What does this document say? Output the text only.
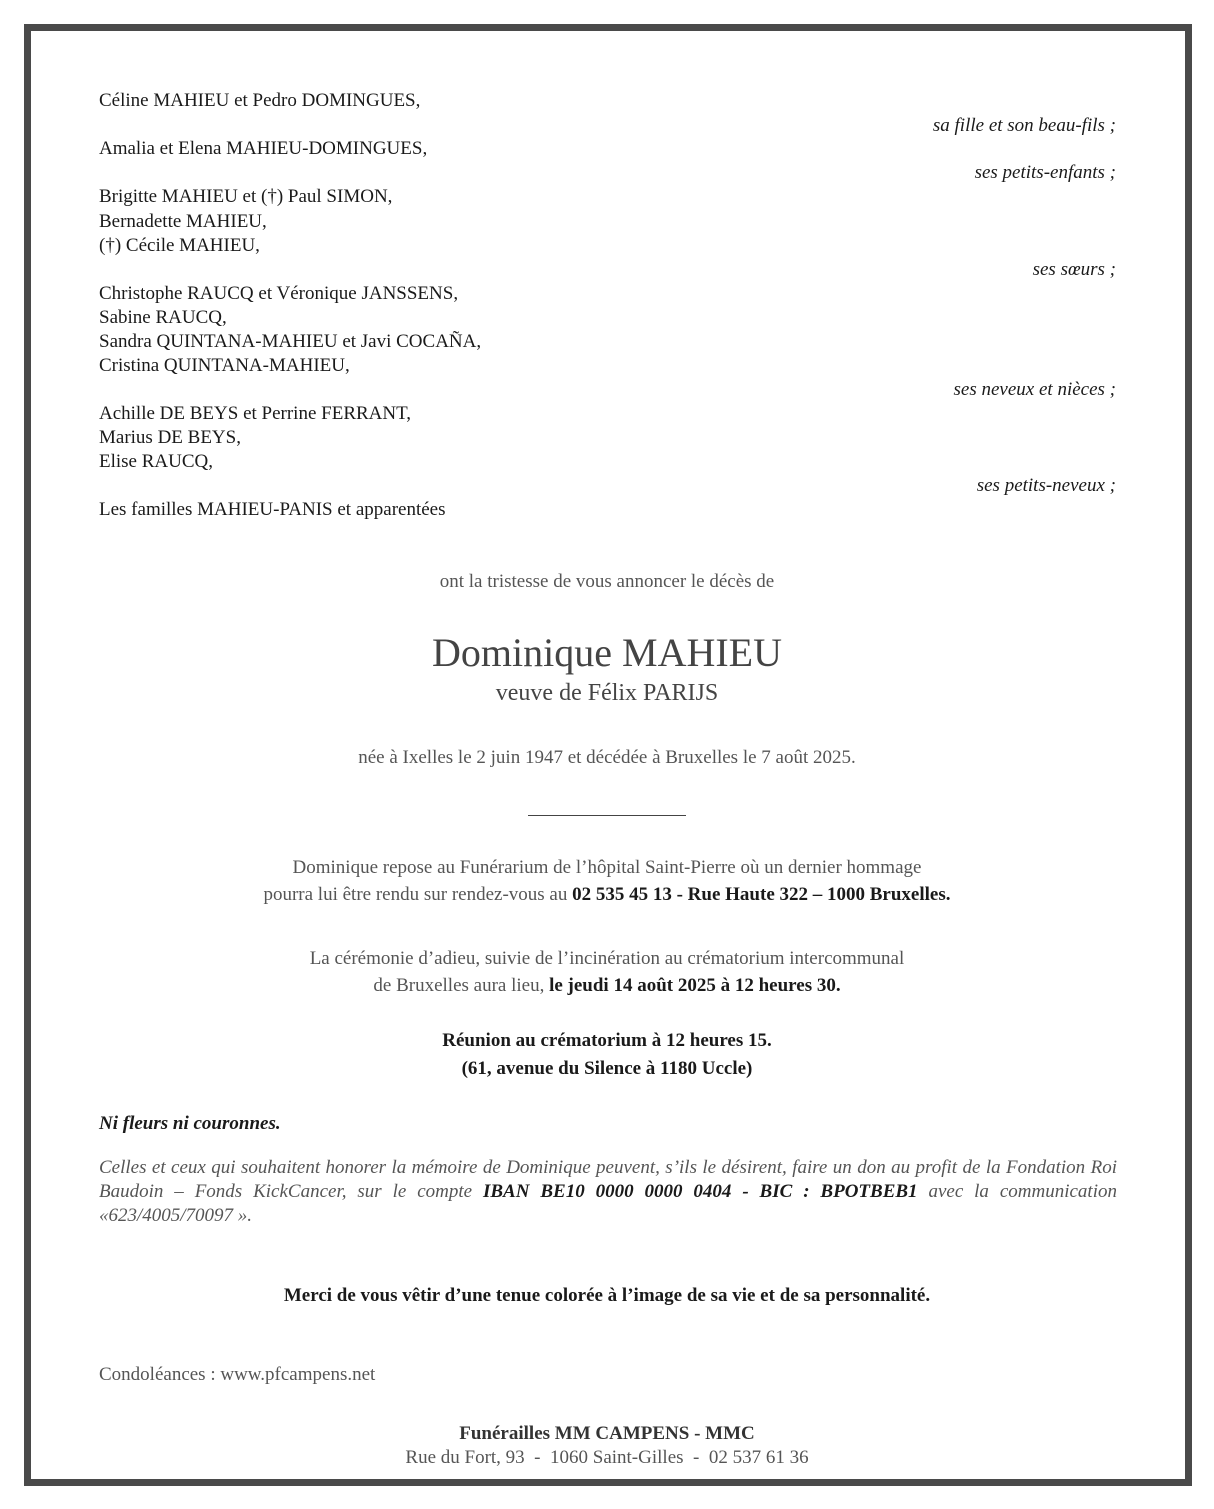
Céline MAHIEU et Pedro DOMINGUES,
sa fille et son beau-fils ;
Amalia et Elena MAHIEU-DOMINGUES,
ses petits-enfants ;
Brigitte MAHIEU et (†) Paul SIMON,
Bernadette MAHIEU,
(†) Cécile MAHIEU,
ses sœurs ;
Christophe RAUCQ et Véronique JANSSENS,
Sabine RAUCQ,
Sandra QUINTANA-MAHIEU et Javi COCAÑA,
Cristina QUINTANA-MAHIEU,
ses neveux et nièces ;
Achille DE BEYS et Perrine FERRANT,
Marius DE BEYS,
Elise RAUCQ,
ses petits-neveux ;
Les familles MAHIEU-PANIS et apparentées
ont la tristesse de vous annoncer le décès de
Dominique MAHIEU
veuve de Félix PARIJS
née à Ixelles le 2 juin 1947 et décédée à Bruxelles le 7 août 2025.
Dominique repose au Funérarium de l’hôpital Saint-Pierre où un dernier hommage
pourra lui être rendu sur rendez-vous au 02 535 45 13 - Rue Haute 322 – 1000 Bruxelles.
La cérémonie d’adieu, suivie de l’incinération au crématorium intercommunal
de Bruxelles aura lieu, le jeudi 14 août 2025 à 12 heures 30.
Réunion au crématorium à 12 heures 15.
(61, avenue du Silence à 1180 Uccle)
Ni fleurs ni couronnes.
Celles et ceux qui souhaitent honorer la mémoire de Dominique peuvent, s’ils le désirent, faire un don au profit de la Fondation Roi Baudoin – Fonds KickCancer, sur le compte IBAN BE10 0000 0000 0404 - BIC : BPOTBEB1 avec la communication «623/4005/70097 ».
Merci de vous vêtir d’une tenue colorée à l’image de sa vie et de sa personnalité.
Condoléances : www.pfcampens.net
Funérailles MM CAMPENS - MMC
Rue du Fort, 93  -  1060 Saint-Gilles  -  02 537 61 36
